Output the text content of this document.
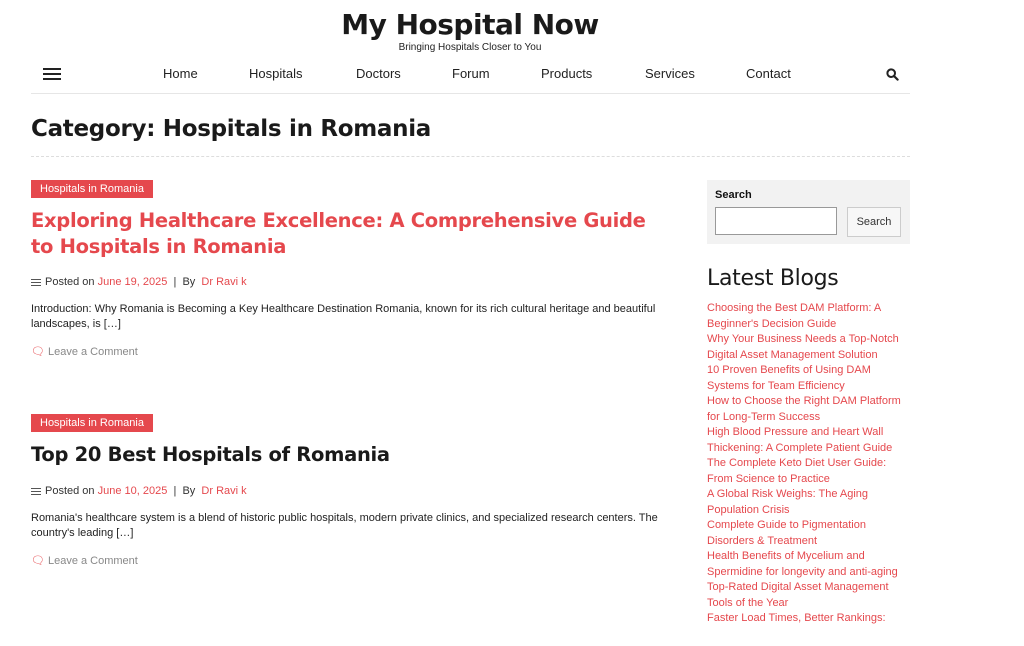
My Hospital Now
Bringing Hospitals Closer to You
Home	Hospitals	Doctors	Forum	Products	Services	Contact
Category: Hospitals in Romania
Hospitals in Romania
Exploring Healthcare Excellence: A Comprehensive Guide to Hospitals in Romania
Posted on June 19, 2025  |  By Dr Ravi k
Introduction: Why Romania is Becoming a Key Healthcare Destination Romania, known for its rich cultural heritage and beautiful landscapes, is […]
🗨︎ Leave a Comment
Hospitals in Romania
Top 20 Best Hospitals of Romania
Posted on June 10, 2025  |  By Dr Ravi k
Romania's healthcare system is a blend of historic public hospitals, modern private clinics, and specialized research centers. The country's leading […]
🗨︎ Leave a Comment
Search
Search
Latest Blogs
Choosing the Best DAM Platform: A Beginner's Decision Guide
Why Your Business Needs a Top-Notch Digital Asset Management Solution
10 Proven Benefits of Using DAM Systems for Team Efficiency
How to Choose the Right DAM Platform for Long-Term Success
High Blood Pressure and Heart Wall Thickening: A Complete Patient Guide
The Complete Keto Diet User Guide: From Science to Practice
A Global Risk Weighs: The Aging Population Crisis
Complete Guide to Pigmentation Disorders & Treatment
Health Benefits of Mycelium and Spermidine for longevity and anti-aging
Top-Rated Digital Asset Management Tools of the Year
Faster Load Times, Better Rankings:
